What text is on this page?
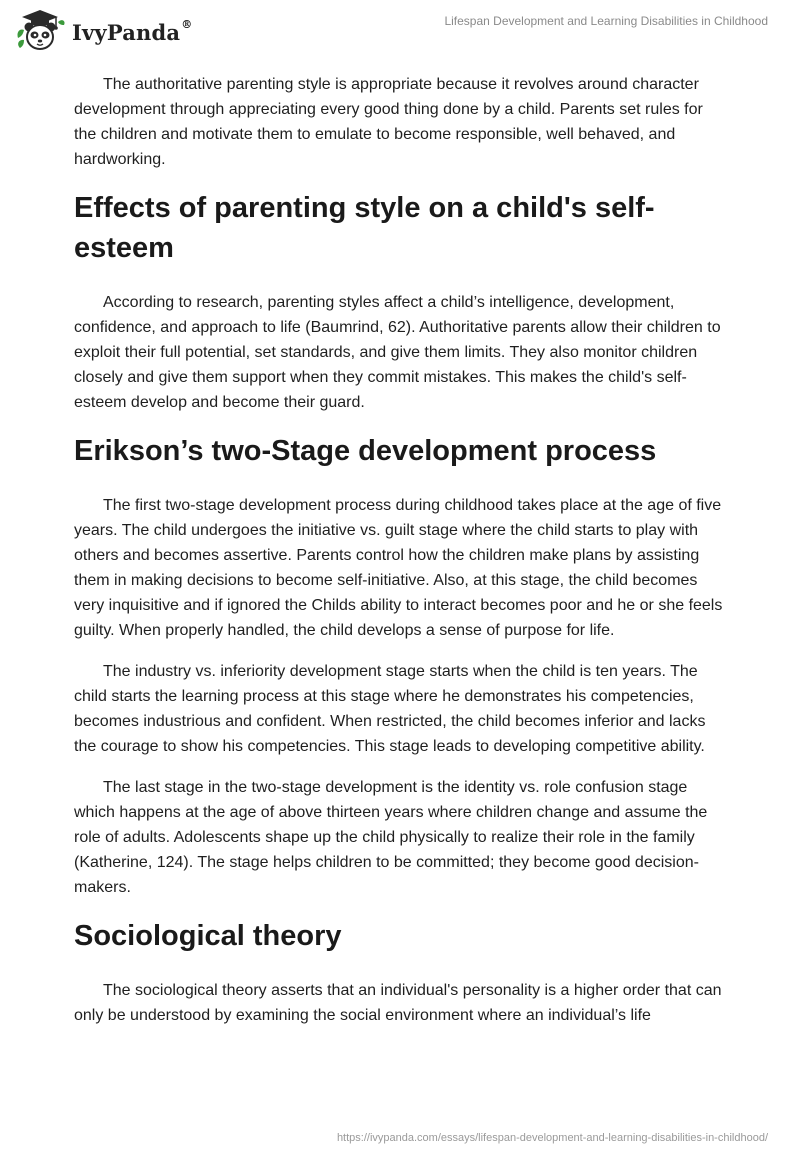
IvyPanda ®	Lifespan Development and Learning Disabilities in Childhood

The authoritative parenting style is appropriate because it revolves around character development through appreciating every good thing done by a child. Parents set rules for the children and motivate them to emulate to become responsible, well behaved, and hardworking.

Effects of parenting style on a child's self-esteem

According to research, parenting styles affect a child’s intelligence, development, confidence, and approach to life (Baumrind, 62). Authoritative parents allow their children to exploit their full potential, set standards, and give them limits. They also monitor children closely and give them support when they commit mistakes. This makes the child's self-esteem develop and become their guard.

Erikson’s two-Stage development process

The first two-stage development process during childhood takes place at the age of five years. The child undergoes the initiative vs. guilt stage where the child starts to play with others and becomes assertive. Parents control how the children make plans by assisting them in making decisions to become self-initiative. Also, at this stage, the child becomes very inquisitive and if ignored the Childs ability to interact becomes poor and he or she feels guilty. When properly handled, the child develops a sense of purpose for life.

The industry vs. inferiority development stage starts when the child is ten years. The child starts the learning process at this stage where he demonstrates his competencies, becomes industrious and confident. When restricted, the child becomes inferior and lacks the courage to show his competencies. This stage leads to developing competitive ability.

The last stage in the two-stage development is the identity vs. role confusion stage which happens at the age of above thirteen years where children change and assume the role of adults. Adolescents shape up the child physically to realize their role in the family (Katherine, 124). The stage helps children to be committed; they become good decision-makers.

Sociological theory

The sociological theory asserts that an individual's personality is a higher order that can only be understood by examining the social environment where an individual’s life

https://ivypanda.com/essays/lifespan-development-and-learning-disabilities-in-childhood/
